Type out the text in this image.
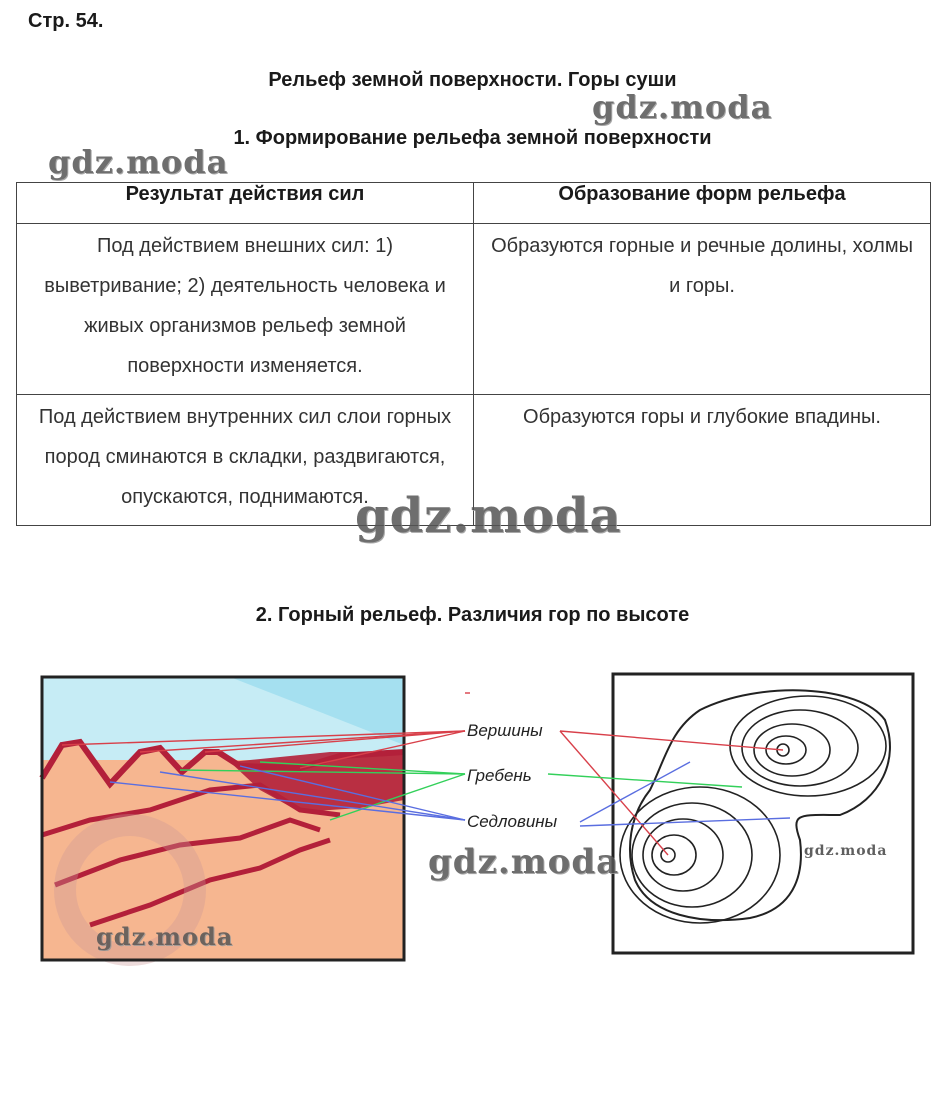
Стр. 54.
Рельеф земной поверхности. Горы суши
1. Формирование рельефа земной поверхности
Результат действия сил	Образование форм рельефа
Под действием внешних сил: 1) выветривание; 2) деятельность человека и живых организмов рельеф земной поверхности изменяется.	Образуются горные и речные долины, холмы и горы.
Под действием внутренних сил слои горных пород сминаются в складки, раздвигаются, опускаются, поднимаются.	Образуются горы и глубокие впадины.
2. Горный рельеф. Различия гор по высоте
Вершины
Гребень
Седловины
gdz.moda
gdz.moda
gdz.moda
gdz.moda
gdz.moda
gdz.moda
